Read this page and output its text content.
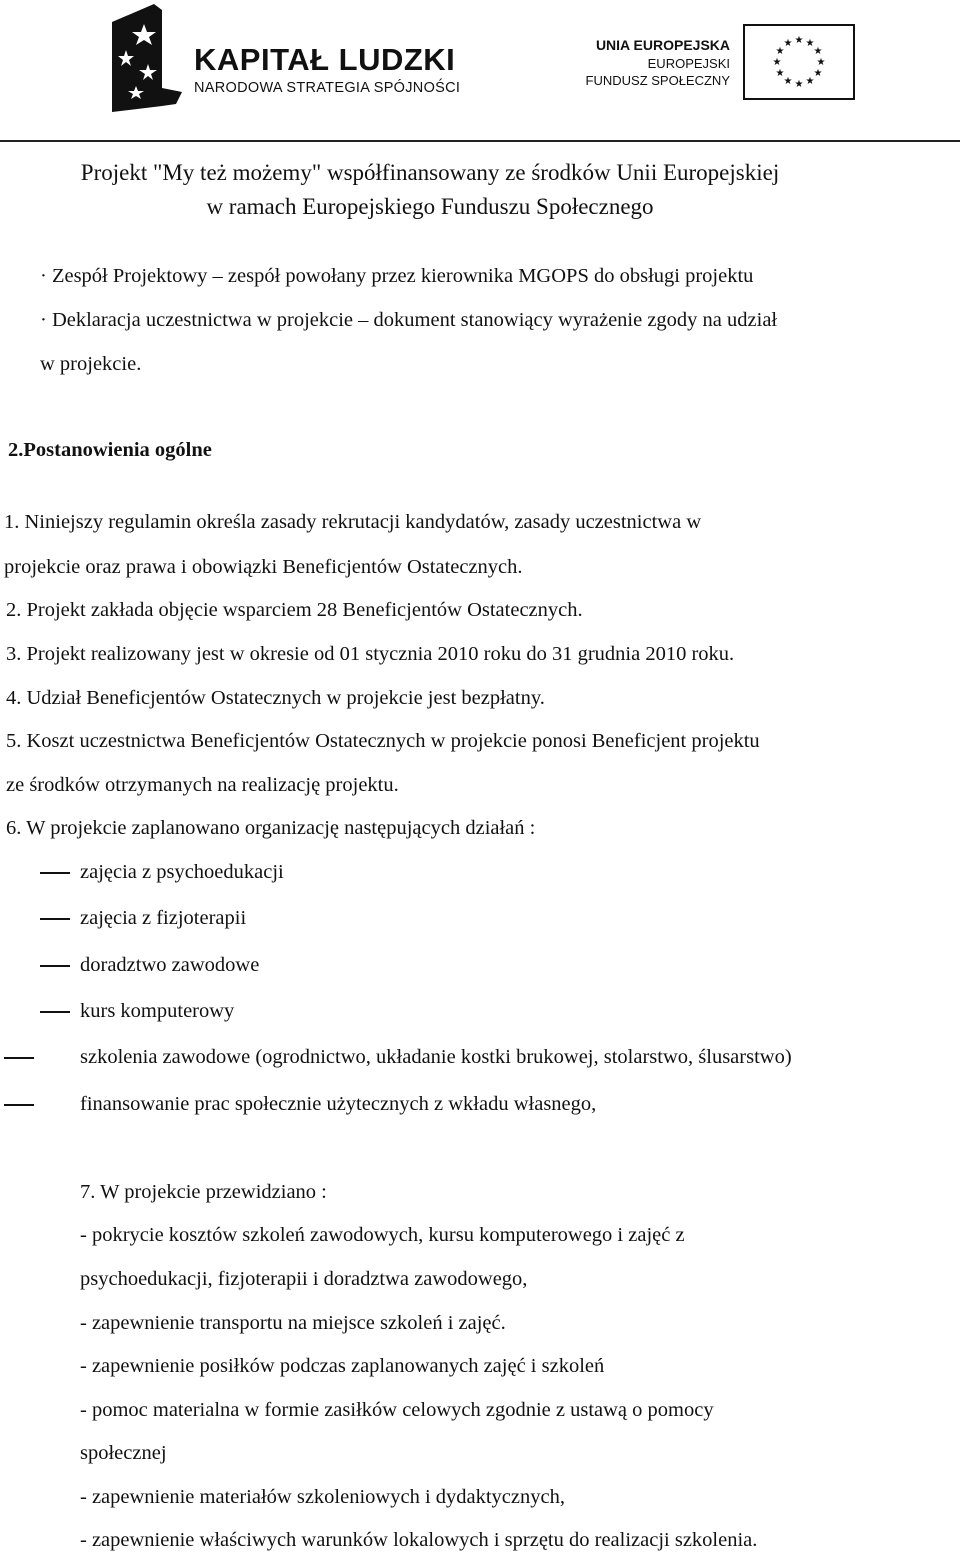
KAPITAŁ LUDZKI
NARODOWA STRATEGIA SPÓJNOŚCI
UNIA EUROPEJSKA
EUROPEJSKI
FUNDUSZ SPOŁECZNY
★ ★
★
★
★
★
★
★
★
★
★
★
Projekt "My też możemy" współfinansowany ze środków Unii Europejskiej
w ramach Europejskiego Funduszu Społecznego
· Zespół Projektowy – zespół powołany przez kierownika MGOPS do obsługi projektu
· Deklaracja uczestnictwa w projekcie – dokument stanowiący wyrażenie zgody na udział
w projekcie.
2.Postanowienia ogólne
1. Niniejszy regulamin określa zasady rekrutacji kandydatów, zasady uczestnictwa w
projekcie oraz prawa i obowiązki Beneficjentów Ostatecznych.
2. Projekt zakłada objęcie wsparciem 28 Beneficjentów Ostatecznych.
3. Projekt realizowany jest w okresie od 01 stycznia 2010 roku do 31 grudnia 2010 roku.
4. Udział Beneficjentów Ostatecznych w projekcie jest bezpłatny.
5. Koszt uczestnictwa Beneficjentów Ostatecznych w projekcie ponosi Beneficjent projektu
ze środków otrzymanych na realizację projektu.
6. W projekcie zaplanowano organizację następujących działań :
zajęcia z psychoedukacji
zajęcia z fizjoterapii
doradztwo zawodowe
kurs komputerowy
szkolenia zawodowe (ogrodnictwo, układanie kostki brukowej, stolarstwo, ślusarstwo)
finansowanie prac społecznie użytecznych z wkładu własnego,
7. W projekcie przewidziano :
- pokrycie kosztów szkoleń zawodowych, kursu komputerowego i zajęć z
psychoedukacji, fizjoterapii i doradztwa zawodowego,
- zapewnienie transportu na miejsce szkoleń i zajęć.
- zapewnienie posiłków podczas zaplanowanych zajęć i szkoleń
- pomoc materialna w formie zasiłków celowych zgodnie z ustawą o pomocy
społecznej
- zapewnienie materiałów szkoleniowych i dydaktycznych,
- zapewnienie właściwych warunków lokalowych i sprzętu do realizacji szkolenia.
